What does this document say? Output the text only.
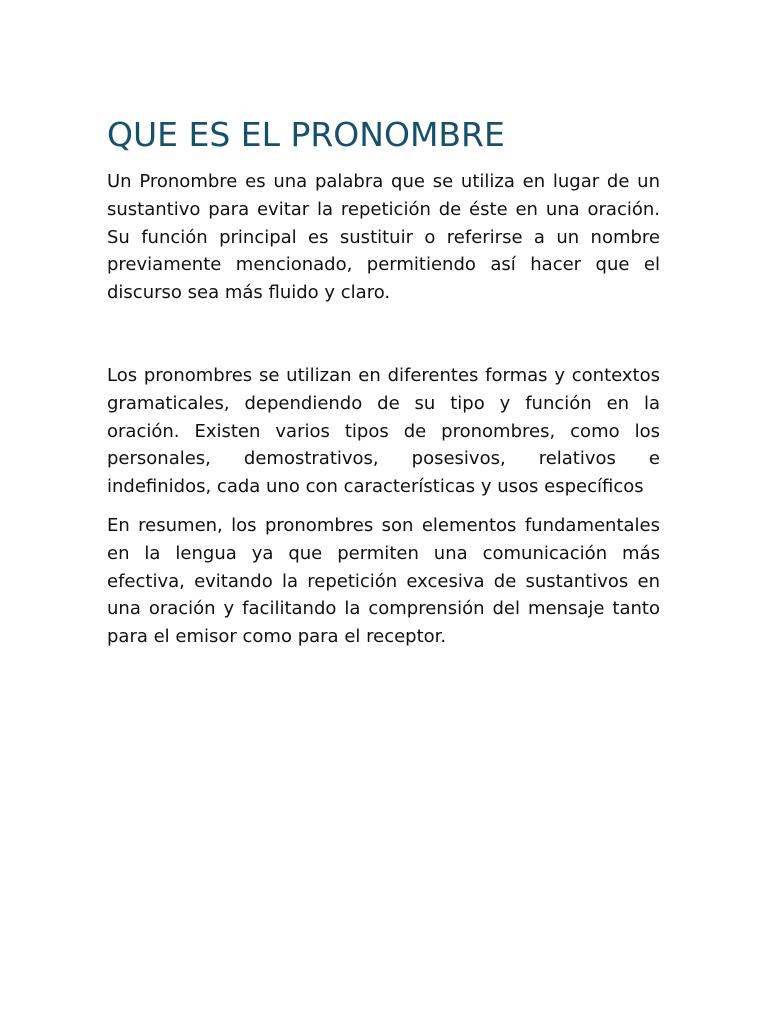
QUE ES EL PRONOMBRE

Un Pronombre es una palabra que se utiliza en lugar de un sustantivo para evitar la repetición de éste en una oración. Su función principal es sustituir o referirse a un nombre previamente mencionado, permitiendo así hacer que el discurso sea más fluido y claro.

Los pronombres se utilizan en diferentes formas y contextos gramaticales, dependiendo de su tipo y función en la oración. Existen varios tipos de pronombres, como los personales, demostrativos, posesivos, relativos e indefinidos, cada uno con características y usos específicos

En resumen, los pronombres son elementos fundamentales en la lengua ya que permiten una comunicación más efectiva, evitando la repetición excesiva de sustantivos en una oración y facilitando la comprensión del mensaje tanto para el emisor como para el receptor.
